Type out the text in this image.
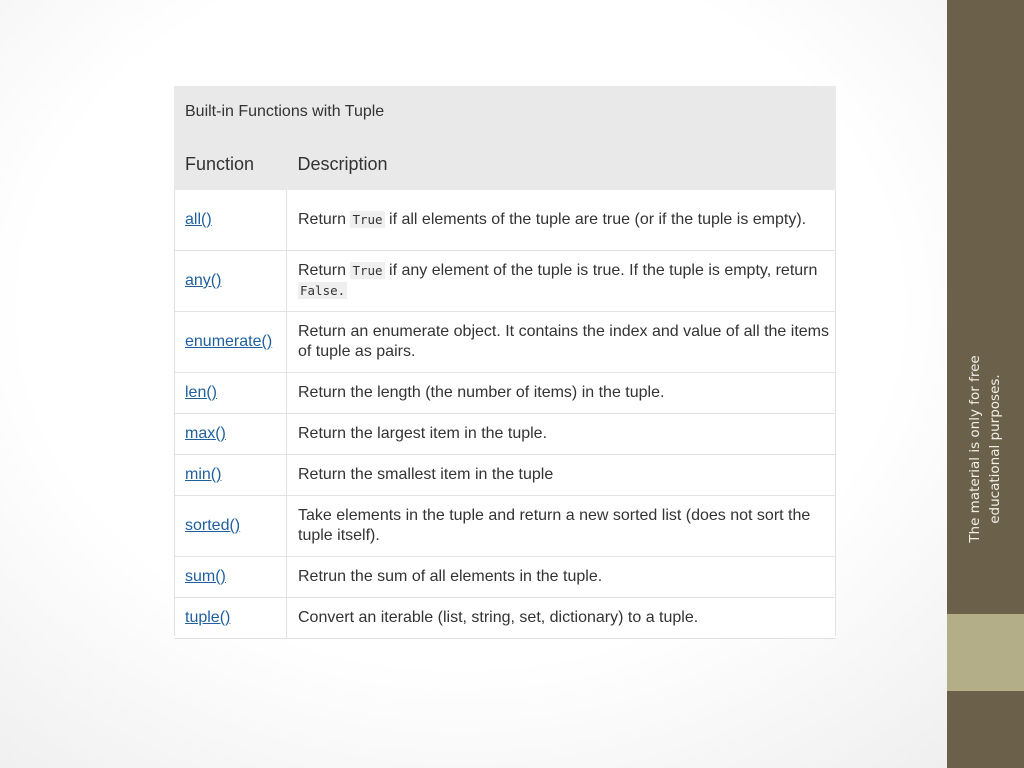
Built-in Functions with Tuple	
Function	Description
all()	Return True if all elements of the tuple are true (or if the tuple is empty).
any()	Return True if any element of the tuple is true. If the tuple is empty, return False.
enumerate()	Return an enumerate object. It contains the index and value of all the items of tuple as pairs.
len()	Return the length (the number of items) in the tuple.
max()	Return the largest item in the tuple.
min()	Return the smallest item in the tuple
sorted()	Take elements in the tuple and return a new sorted list (does not sort the tuple itself).
sum()	Retrun the sum of all elements in the tuple.
tuple()	Convert an iterable (list, string, set, dictionary) to a tuple.
The material is only for free educational purposes.
